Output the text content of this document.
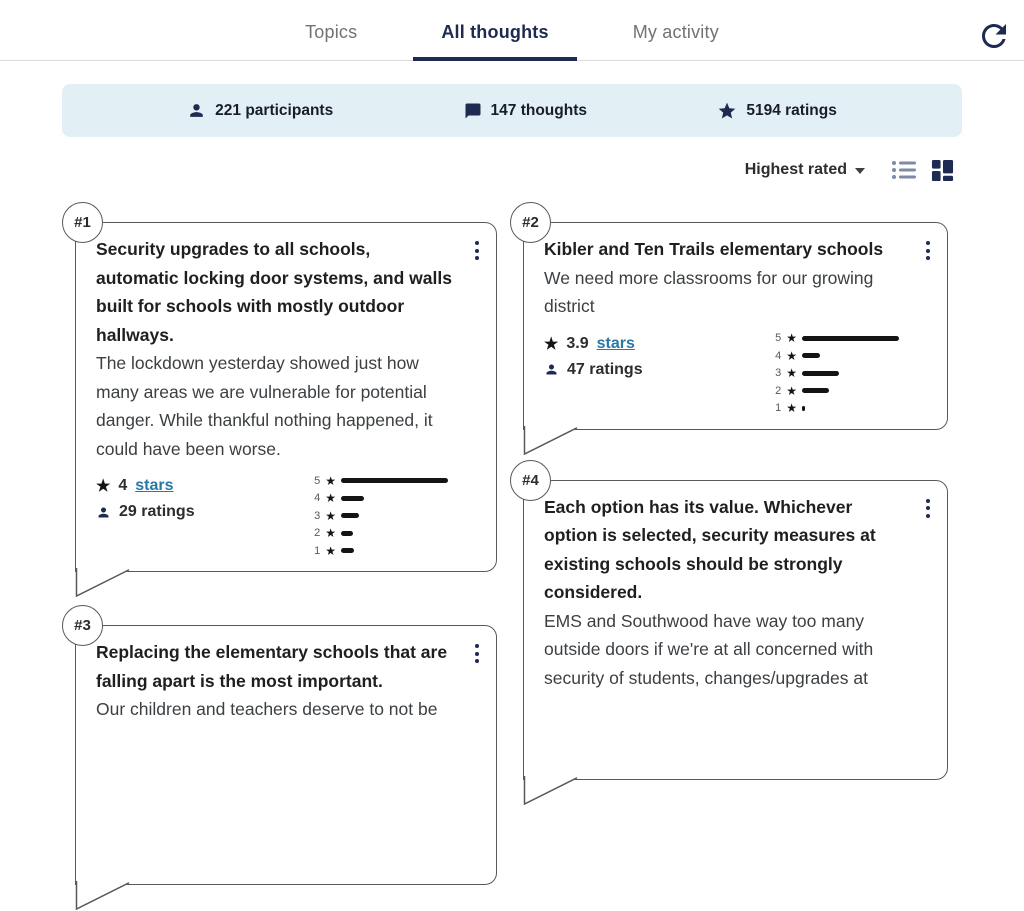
Topics	All thoughts	My activity
221 participants	147 thoughts	5194 ratings
Highest rated
#1
Security upgrades to all schools, automatic locking door systems, and walls built for schools with mostly outdoor hallways.
The lockdown yesterday showed just how many areas we are vulnerable for potential danger. While thankful nothing happened, it could have been worse.
★ 4 stars
29 ratings
5 ★
4 ★
3 ★
2 ★
1 ★
#3
Replacing the elementary schools that are falling apart is the most important.
Our children and teachers deserve to not be
#2
Kibler and Ten Trails elementary schools
We need more classrooms for our growing district
★ 3.9 stars
47 ratings
5 ★
4 ★
3 ★
2 ★
1 ★
#4
Each option has its value. Whichever option is selected, security measures at existing schools should be strongly considered.
EMS and Southwood have way too many outside doors if we're at all concerned with security of students, changes/upgrades at
